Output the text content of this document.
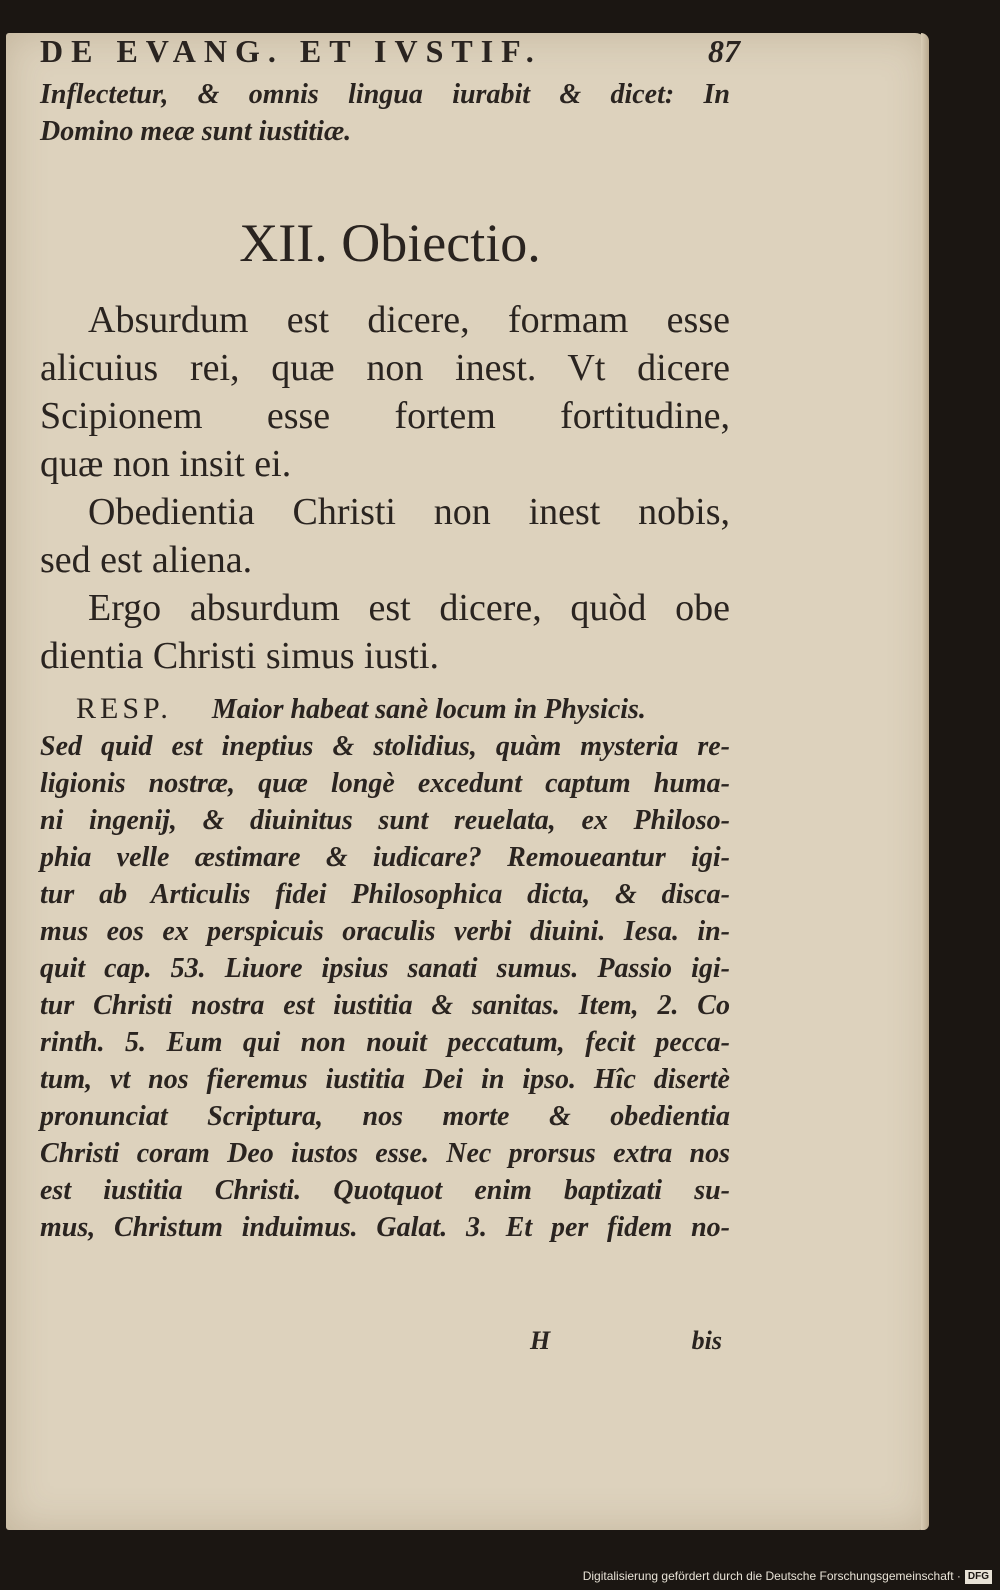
DE EVANG. ET IVSTIF.	87
Inflectetur, & omnis lingua iurabit & dicet: In
Domino meæ sunt iustitiæ.
XII. Obiectio.
Absurdum est dicere, formam esse
alicuius rei, quæ non inest. Vt dicere
Scipionem esse fortem fortitudine,
quæ non insit ei.
Obedientia Christi non inest nobis,
sed est aliena.
Ergo absurdum est dicere, quòd obe
dientia Christi simus iusti.
RESP. Maior habeat sanè locum in Physicis.
Sed quid est ineptius & stolidius, quàm mysteria re-
ligionis nostræ, quæ longè excedunt captum huma-
ni ingenij, & diuinitus sunt reuelata, ex Philoso-
phia velle æstimare & iudicare? Remoueantur igi-
tur ab Articulis fidei Philosophica dicta, & disca-
mus eos ex perspicuis oraculis verbi diuini. Iesa. in-
quit cap. 53. Liuore ipsius sanati sumus. Passio igi-
tur Christi nostra est iustitia & sanitas. Item, 2. Co
rinth. 5. Eum qui non nouit peccatum, fecit pecca-
tum, vt nos fieremus iustitia Dei in ipso. Hîc disertè
pronunciat Scriptura, nos morte & obedientia
Christi coram Deo iustos esse. Nec prorsus extra nos
est iustitia Christi. Quotquot enim baptizati su-
mus, Christum induimus. Galat. 3. Et per fidem no-
H	bis
Digitalisierung gefördert durch die Deutsche Forschungsgemeinschaft · DFG
